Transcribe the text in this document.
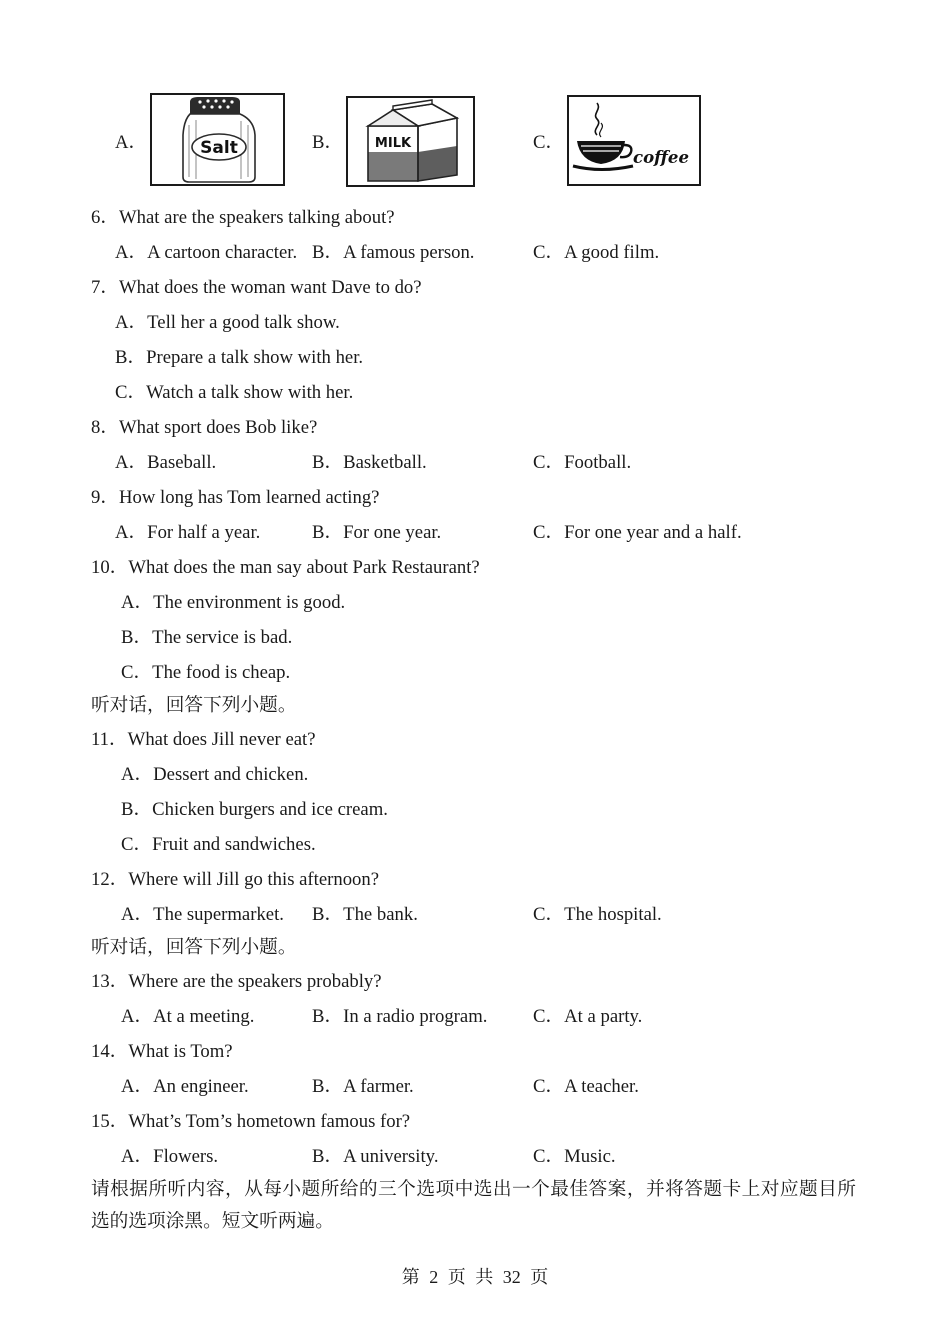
A．	Salt	B． MILK	C．
coffee
6．What are the speakers talking about?
A．A cartoon character. B．A famous person.	C．A good film.
7．What does the woman want Dave to do?
A．Tell her a good talk show.
B．Prepare a talk show with her.
C．Watch a talk show with her.
8．What sport does Bob like?
A．Baseball.	B．Basketball.	C．Football.
9．How long has Tom learned acting?
A．For half a year.	B．For one year.	C．For one year and a half.
10．What does the man say about Park Restaurant?
A．The environment is good.
B．The service is bad.
C．The food is cheap.
听对话，回答下列小题。
11．What does Jill never eat?
A．Dessert and chicken.
B．Chicken burgers and ice cream.
C．Fruit and sandwiches.
12．Where will Jill go this afternoon?
A．The supermarket. B．The bank.	C．The hospital.
听对话，回答下列小题。
13．Where are the speakers probably?
A．At a meeting.	B．In a radio program. C．At a party.
14．What is Tom?
A．An engineer.	B．A farmer.	C．A teacher.
15．What’s Tom’s hometown famous for?
A．Flowers.	B．A university.	C．Music.
请根据所听内容，从每小题所给的三个选项中选出一个最佳答案，并将答题卡上对应题目所选的选项涂黑。短文听两遍。
第 2 页 共 32 页
